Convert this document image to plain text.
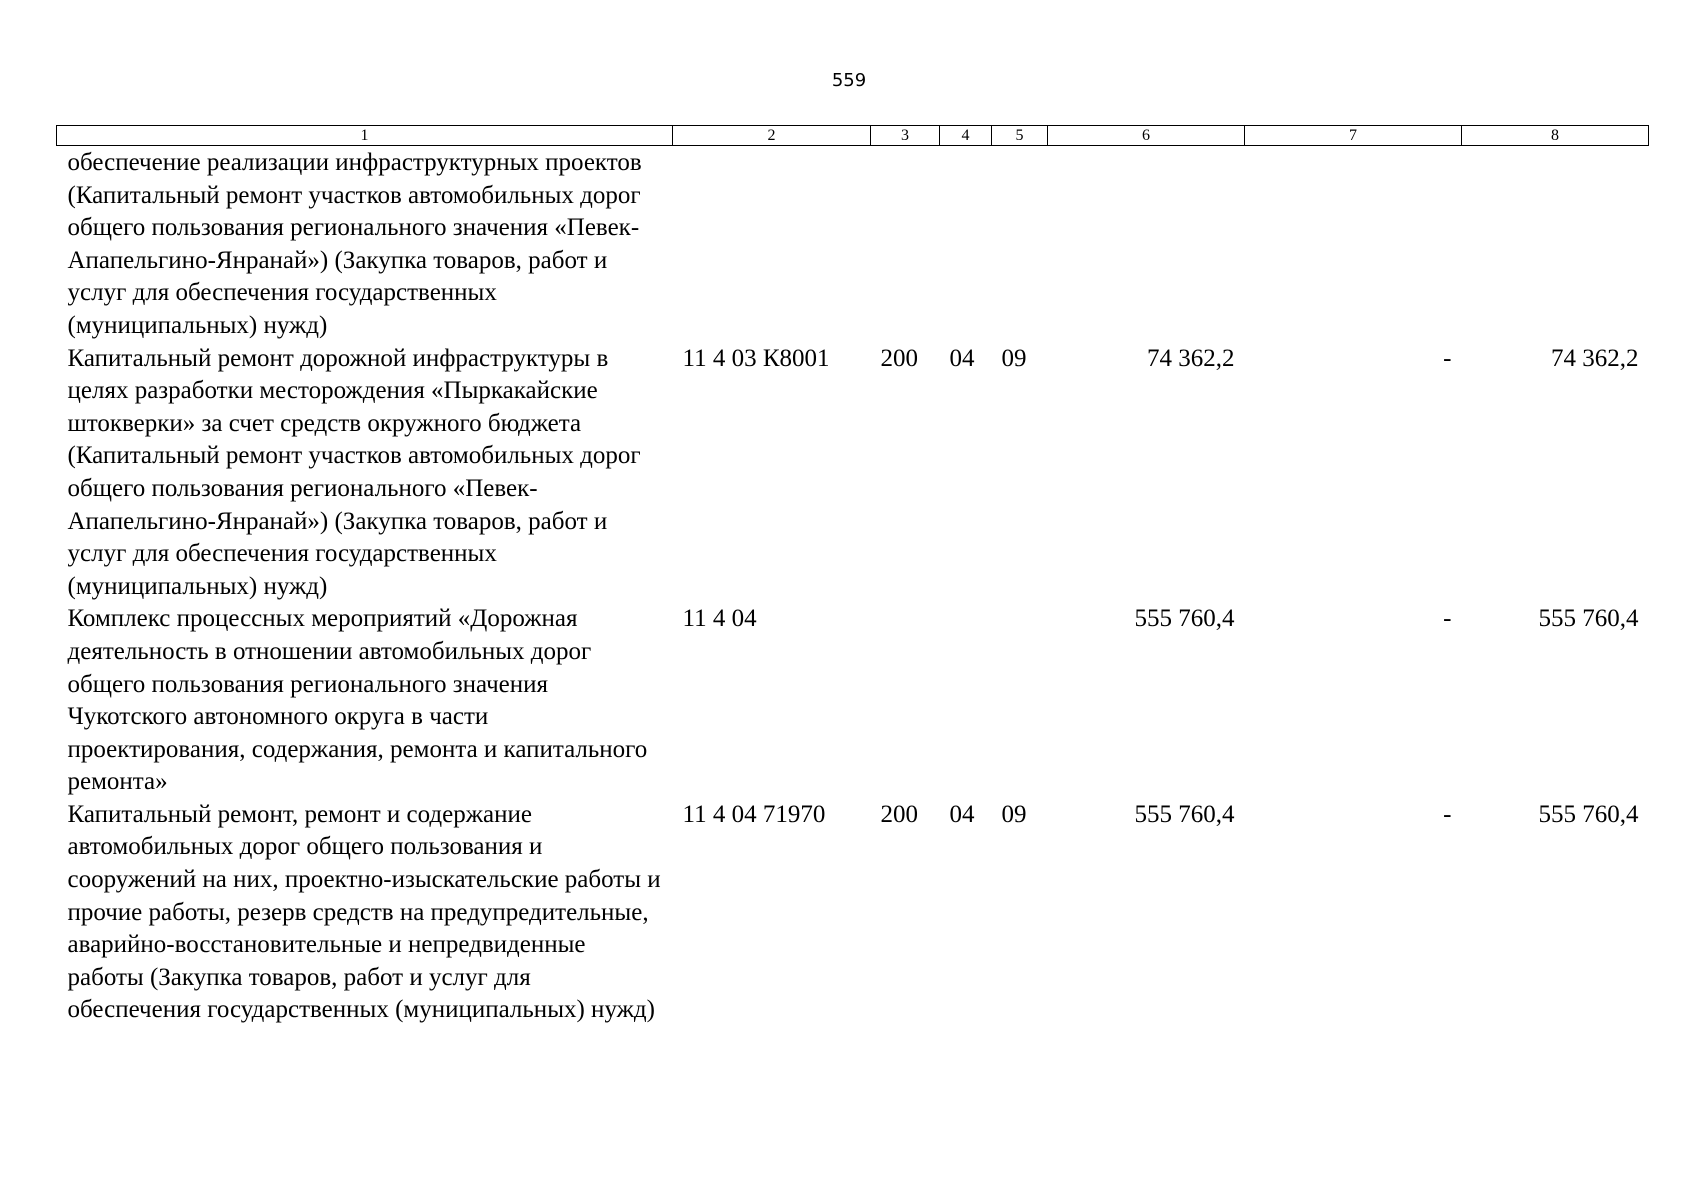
559
1	2	3	4	5	6	7	8
обеспечение реализации инфраструктурных проектов (Капитальный ремонт участков автомобильных дорог общего пользования регионального значения «Певек-Апапельгино-Янранай») (Закупка товаров, работ и услуг для обеспечения государственных (муниципальных) нужд)							
Капитальный ремонт дорожной инфраструктуры в целях разработки месторождения «Пыркакайские штокверки» за счет средств окружного бюджета (Капитальный ремонт участков автомобильных дорог общего пользования регионального «Певек-Апапельгино-Янранай») (Закупка товаров, работ и услуг для обеспечения государственных (муниципальных) нужд)	11 4 03 К8001	200	04	09	74 362,2	-	74 362,2
Комплекс процессных мероприятий «Дорожная деятельность в отношении автомобильных дорог общего пользования регионального значения Чукотского автономного округа в части проектирования, содержания, ремонта и капитального ремонта»	11 4 04				555 760,4	-	555 760,4
Капитальный ремонт, ремонт и содержание автомобильных дорог общего пользования и сооружений на них, проектно-изыскательские работы и прочие работы, резерв средств на предупредительные, аварийно-восстановительные и непредвиденные работы (Закупка товаров, работ и услуг для обеспечения государственных (муниципальных) нужд)	11 4 04 71970	200	04	09	555 760,4	-	555 760,4
